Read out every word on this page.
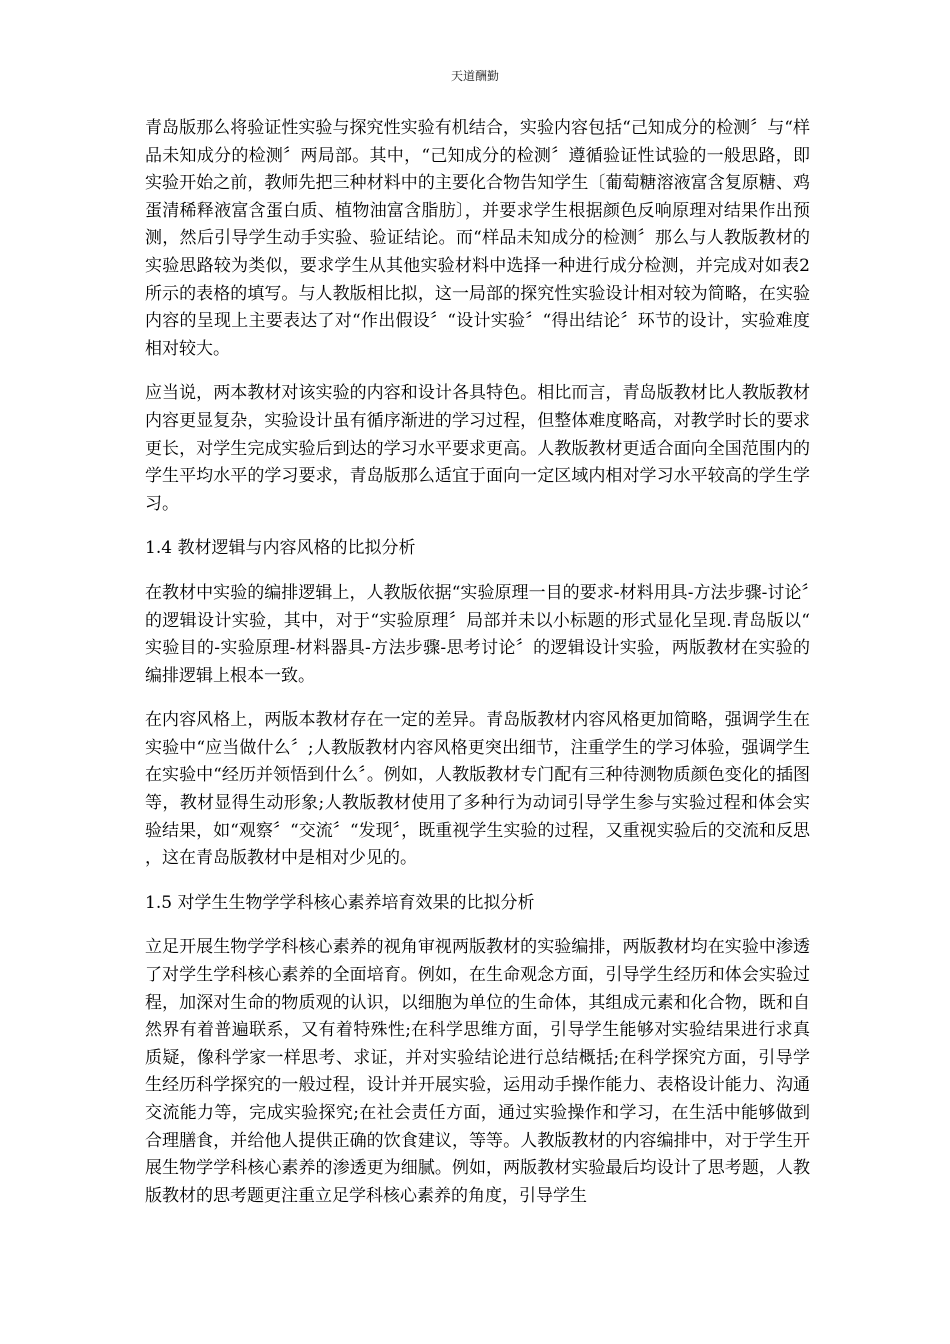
天道酬勤

青岛版那么将验证性实验与探究性实验有机结合，实验内容包括“己知成分的检测〞与“样品未知成分的检测〞两局部。其中，“己知成分的检测〞遵循验证性试验的一般思路，即实验开始之前，教师先把三种材料中的主要化合物告知学生〔葡萄糖溶液富含复原糖、鸡蛋清稀释液富含蛋白质、植物油富含脂肪〕，并要求学生根据颜色反响原理对结果作出预测，然后引导学生动手实验、验证结论。而“样品未知成分的检测〞那么与人教版教材的实验思路较为类似，要求学生从其他实验材料中选择一种进行成分检测，并完成对如表2所示的表格的填写。与人教版相比拟，这一局部的探究性实验设计相对较为简略，在实验内容的呈现上主要表达了对“作出假设〞“设计实验〞“得出结论〞环节的设计，实验难度相对较大。

应当说，两本教材对该实验的内容和设计各具特色。相比而言，青岛版教材比人教版教材内容更显复杂，实验设计虽有循序渐进的学习过程，但整体难度略高，对教学时长的要求更长，对学生完成实验后到达的学习水平要求更高。人教版教材更适合面向全国范围内的学生平均水平的学习要求，青岛版那么适宜于面向一定区域内相对学习水平较高的学生学习。

1.4 教材逻辑与内容风格的比拟分析

在教材中实验的编排逻辑上，人教版依据“实验原理一目的要求-材料用具-方法步骤-讨论〞的逻辑设计实验，其中，对于“实验原理〞局部并未以小标题的形式显化呈现.青岛版以“实验目的-实验原理-材料器具-方法步骤-思考讨论〞的逻辑设计实验，两版教材在实验的编排逻辑上根本一致。

在内容风格上，两版本教材存在一定的差异。青岛版教材内容风格更加简略，强调学生在实验中“应当做什么〞;人教版教材内容风格更突出细节，注重学生的学习体验，强调学生在实验中“经历并领悟到什么〞。例如，人教版教材专门配有三种待测物质颜色变化的插图等，教材显得生动形象;人教版教材使用了多种行为动词引导学生参与实验过程和体会实验结果，如“观察〞“交流〞“发现〞，既重视学生实验的过程，又重视实验后的交流和反思，这在青岛版教材中是相对少见的。

1.5 对学生生物学学科核心素养培育效果的比拟分析

立足开展生物学学科核心素养的视角审视两版教材的实验编排，两版教材均在实验中渗透了对学生学科核心素养的全面培育。例如，在生命观念方面，引导学生经历和体会实验过程，加深对生命的物质观的认识，以细胞为单位的生命体，其组成元素和化合物，既和自然界有着普遍联系，又有着特殊性;在科学思维方面，引导学生能够对实验结果进行求真质疑，像科学家一样思考、求证，并对实验结论进行总结概括;在科学探究方面，引导学生经历科学探究的一般过程，设计并开展实验，运用动手操作能力、表格设计能力、沟通交流能力等，完成实验探究;在社会责任方面，通过实验操作和学习，在生活中能够做到合理膳食，并给他人提供正确的饮食建议，等等。人教版教材的内容编排中，对于学生开展生物学学科核心素养的渗透更为细腻。例如，两版教材实验最后均设计了思考题，人教版教材的思考题更注重立足学科核心素养的角度，引导学生
